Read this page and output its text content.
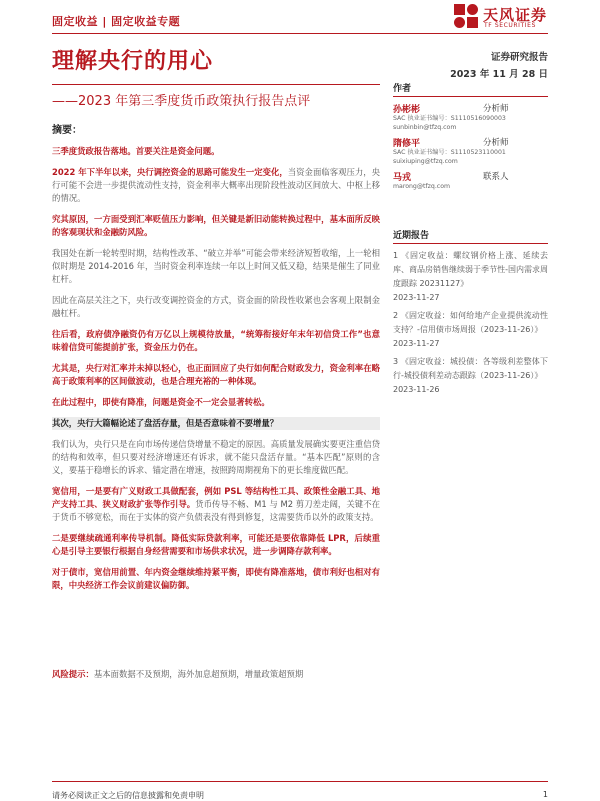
固定收益 | 固定收益专题	天风证券
TF SECURITIES
理解央行的用心
——2023 年第三季度货币政策执行报告点评
证券研究报告
2023 年 11 月 28 日
摘要：

三季度货政报告落地。首要关注是资金问题。

2022 年下半年以来，央行调控资金的思路可能发生一定变化，当资金面临客观压力，央行可能不会进一步提供流动性支持，资金利率大概率出现阶段性波动区间放大、中枢上移的情况。

究其原因，一方面受到汇率贬值压力影响，但关键是新旧动能转换过程中，基本面所反映的客观现状和金融防风险。

我国处在新一轮转型时期，结构性改革、“破立并举”可能会带来经济短暂收缩，上一轮相似时期是 2014-2016 年，当时资金利率连续一年以上时间又低又稳，结果是催生了同业杠杆。

因此在高层关注之下，央行改变调控资金的方式，资金面的阶段性收紧也会客观上限制金融杠杆。

往后看，政府债净融资仍有万亿以上规模待放量，“统筹衔接好年末年初信贷工作”也意味着信贷可能提前扩张，资金压力仍在。

尤其是，央行对汇率并未掉以轻心，也正面回应了央行如何配合财政发力，资金利率在略高于政策利率的区间做波动，也是合理充裕的一种体现。

在此过程中，即使有降准，问题是资金不一定会显著转松。

其次，央行大篇幅论述了盘活存量，但是否意味着不要增量？

我们认为，央行只是在向市场传递信贷增量不稳定的原因。高质量发展确实要更注重信贷的结构和效率，但只要对经济增速还有诉求，就不能只盘活存量。“基本匹配”原则的含义，要基于稳增长的诉求、锚定潜在增速，按照跨周期视角下的更长维度做匹配。

宽信用，一是要有广义财政工具做配套，例如 PSL 等结构性工具、政策性金融工具、地产支持工具、狭义财政扩张等作引导。货币传导不畅、M1 与 M2 剪刀差走阔，关键不在于货币不够宽松，而在于实体的资产负债表没有得到修复，这需要货币以外的政策支持。

二是要继续疏通利率传导机制。降低实际贷款利率，可能还是要依靠降低 LPR，后续重心是引导主要银行根据自身经营需要和市场供求状况，进一步调降存款利率。

对于债市，宽信用前置、年内资金继续维持紧平衡，即使有降准落地，债市利好也相对有限，中央经济工作会议前建议偏防御。

风险提示：基本面数据不及预期，海外加息超预期，增量政策超预期
作者
孙彬彬	分析师
SAC 执业证书编号：S1110516090003
sunbinbin@tfzq.com
隋修平	分析师
SAC 执业证书编号：S1110523110001
suixiuping@tfzq.com
马戎	联系人
marong@tfzq.com
近期报告
1 《固定收益：螺纹钢价格上涨、延续去库、商品房销售继续弱于季节性-国内需求周度跟踪 20231127》
2023-11-27
2 《固定收益：如何给地产企业提供流动性支持？-信用债市场周报（2023-11-26）》
2023-11-27
3 《固定收益：城投债：各等级利差整体下行-城投债利差动态跟踪（2023-11-26）》
2023-11-26
请务必阅读正文之后的信息披露和免责申明	1
